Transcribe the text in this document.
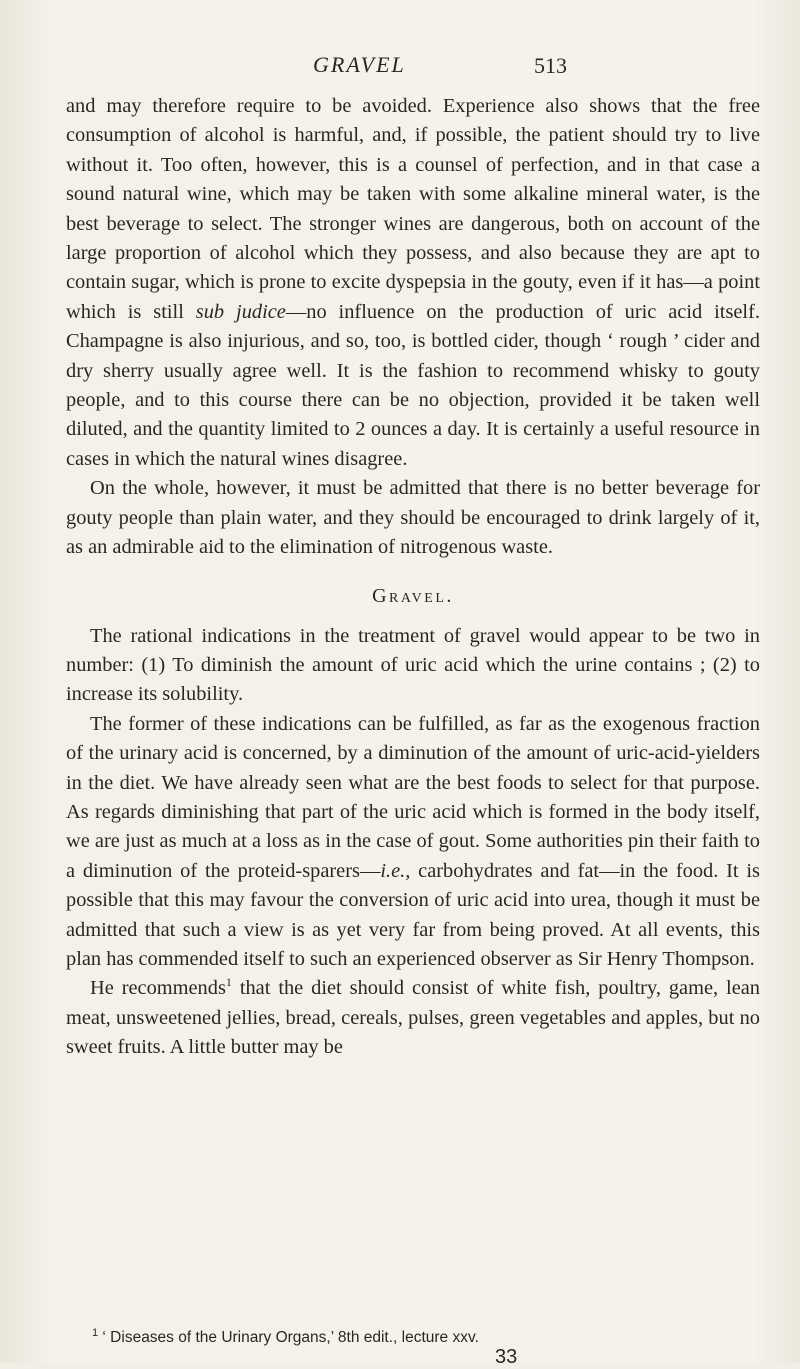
GRAVEL	513

and may therefore require to be avoided. Experience also shows that the free consumption of alcohol is harmful, and, if possible, the patient should try to live without it. Too often, however, this is a counsel of perfection, and in that case a sound natural wine, which may be taken with some alkaline mineral water, is the best beverage to select. The stronger wines are dangerous, both on account of the large proportion of alcohol which they possess, and also because they are apt to contain sugar, which is prone to excite dyspepsia in the gouty, even if it has—a point which is still sub judice—no influence on the production of uric acid itself. Champagne is also injurious, and so, too, is bottled cider, though ‘ rough ’ cider and dry sherry usually agree well. It is the fashion to recommend whisky to gouty people, and to this course there can be no objection, provided it be taken well diluted, and the quantity limited to 2 ounces a day. It is certainly a useful resource in cases in which the natural wines disagree.

On the whole, however, it must be admitted that there is no better beverage for gouty people than plain water, and they should be encouraged to drink largely of it, as an admirable aid to the elimination of nitrogenous waste.

Gravel.

The rational indications in the treatment of gravel would appear to be two in number: (1) To diminish the amount of uric acid which the urine contains ; (2) to increase its solubility.

The former of these indications can be fulfilled, as far as the exogenous fraction of the urinary acid is concerned, by a diminution of the amount of uric-acid-yielders in the diet. We have already seen what are the best foods to select for that purpose. As regards diminishing that part of the uric acid which is formed in the body itself, we are just as much at a loss as in the case of gout. Some authorities pin their faith to a diminution of the proteid-sparers—i.e., carbohydrates and fat—in the food. It is possible that this may favour the conversion of uric acid into urea, though it must be admitted that such a view is as yet very far from being proved. At all events, this plan has commended itself to such an experienced observer as Sir Henry Thompson.

He recommends$^1$ that the diet should consist of white fish, poultry, game, lean meat, unsweetened jellies, bread, cereals, pulses, green vegetables and apples, but no sweet fruits. A little butter may be

$^1$ ‘ Diseases of the Urinary Organs,’ 8th edit., lecture xxv.
33
